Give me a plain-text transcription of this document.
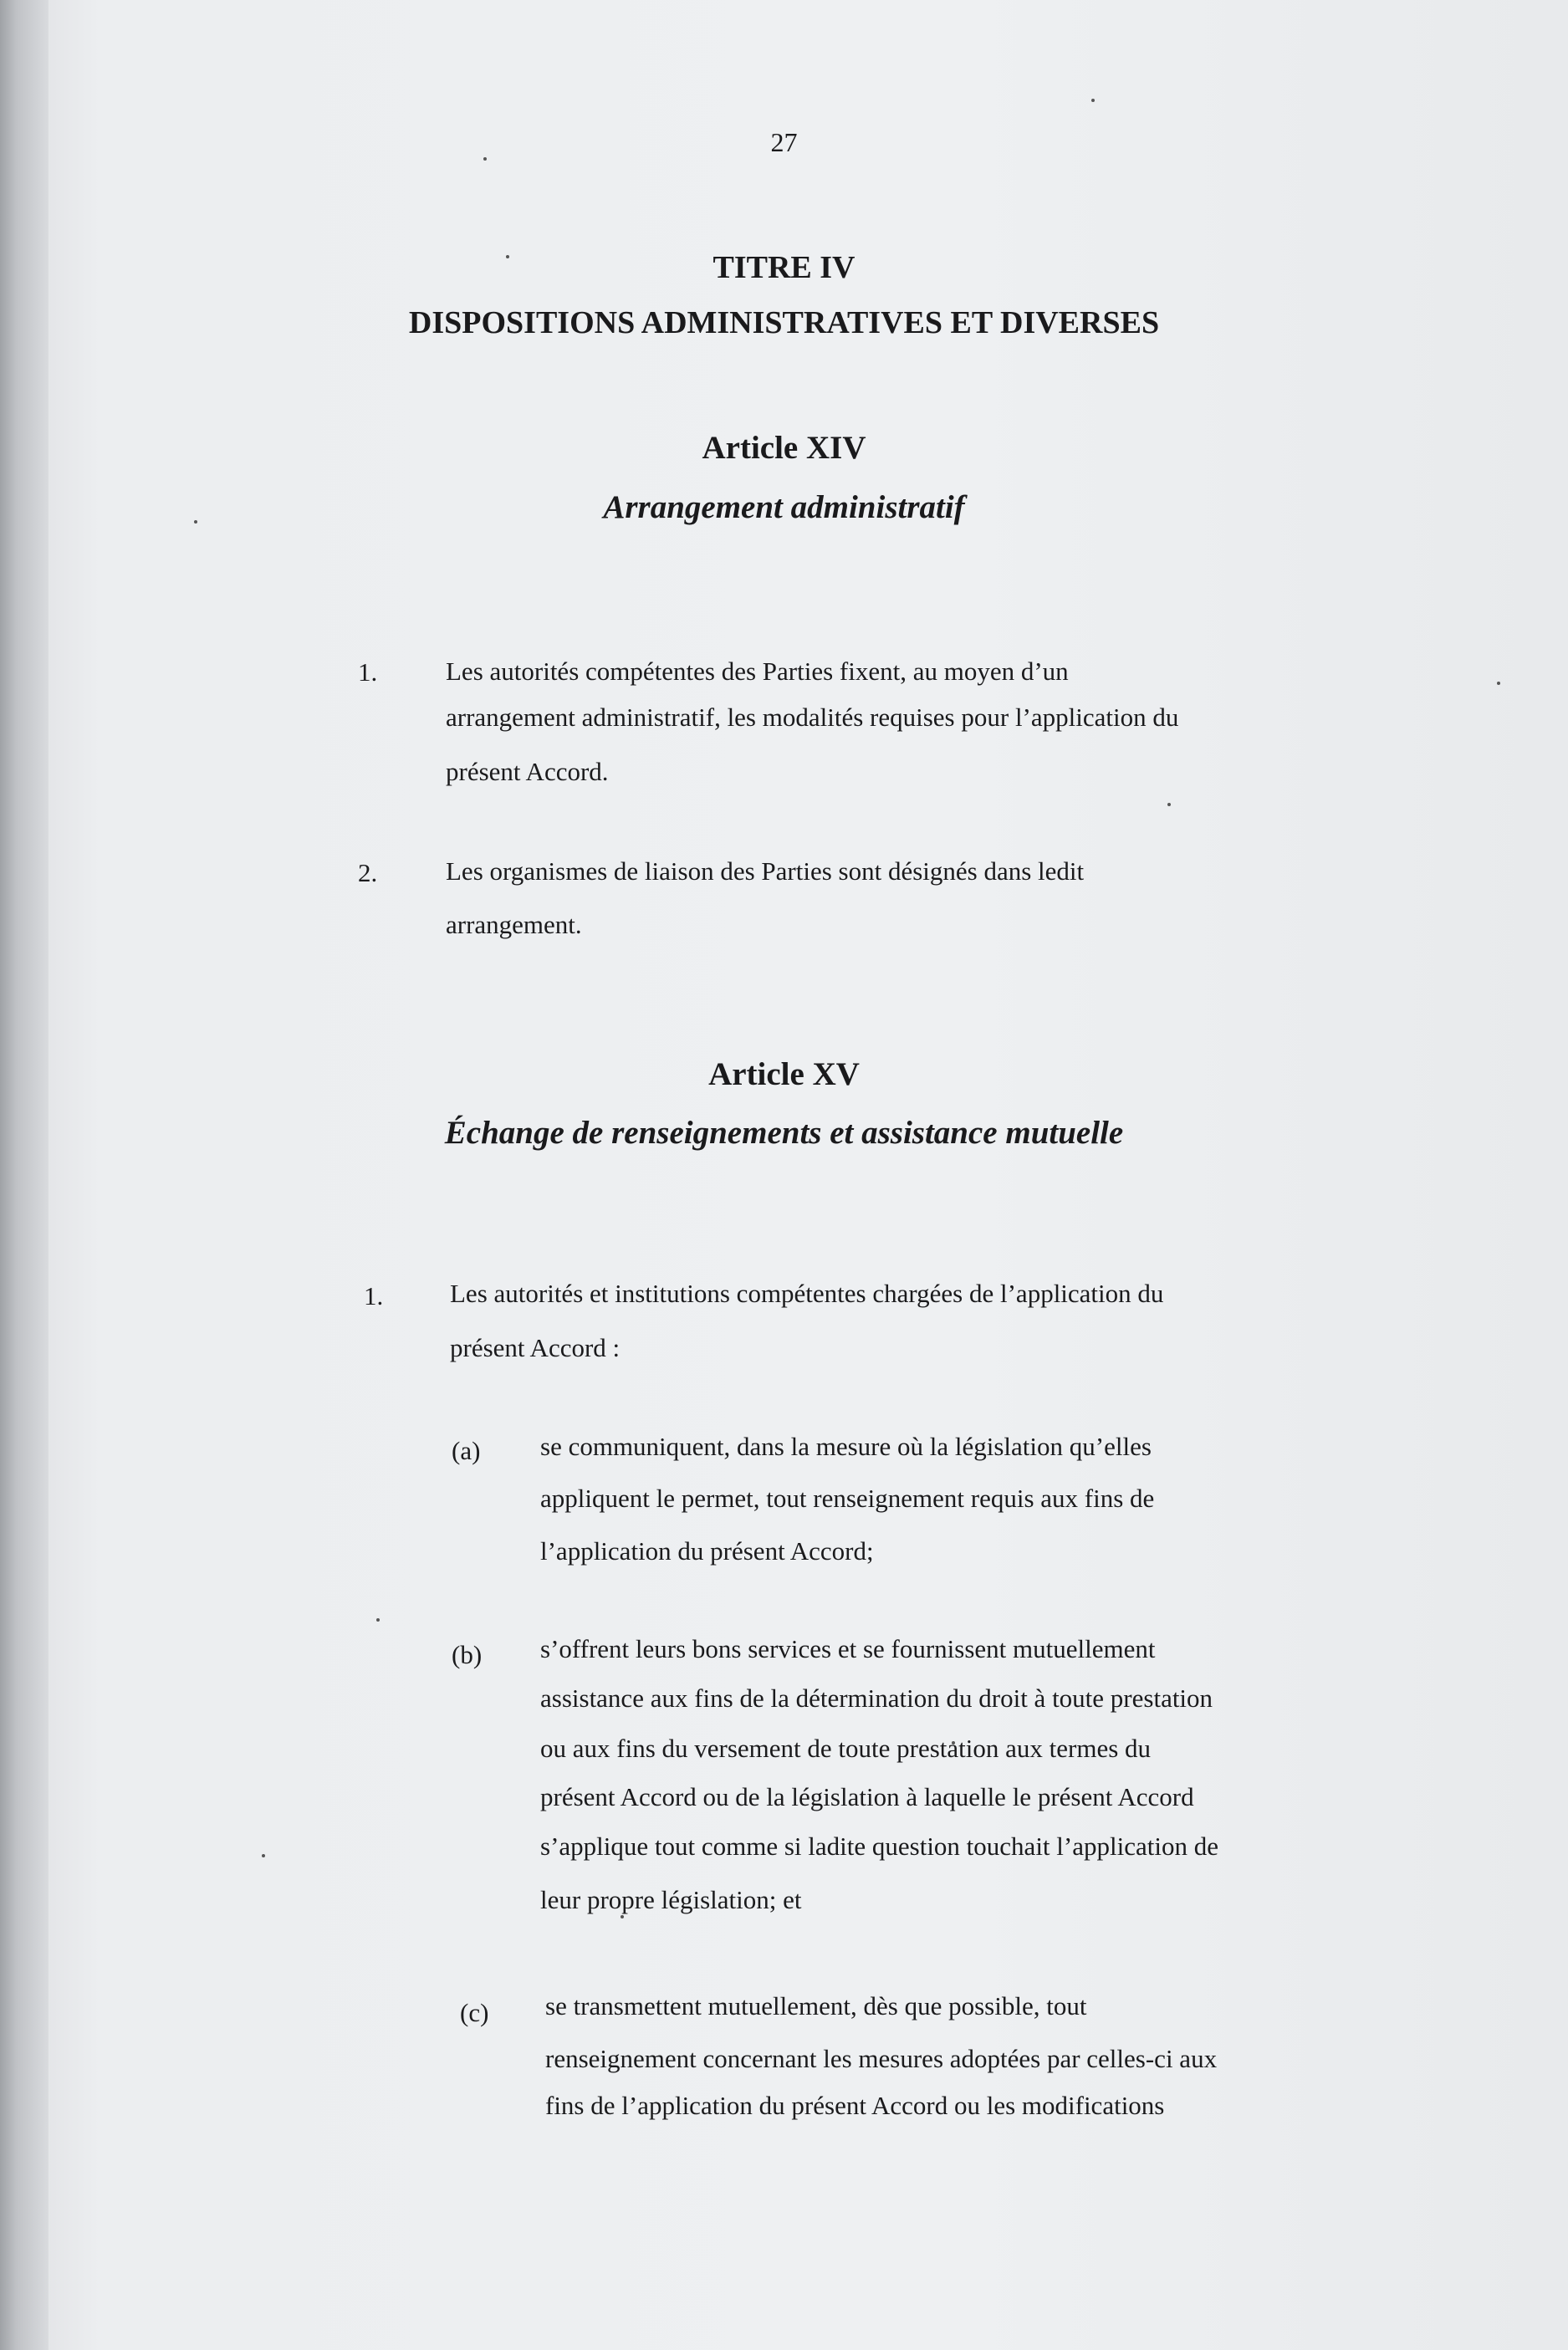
27
TITRE IV
DISPOSITIONS ADMINISTRATIVES ET DIVERSES
Article XIV
Arrangement administratif
1.	Les autorités compétentes des Parties fixent, au moyen d’un
arrangement administratif, les modalités requises pour l’application du
présent Accord.
2.	Les organismes de liaison des Parties sont désignés dans ledit
arrangement.
Article XV
Échange de renseignements et assistance mutuelle
1.	Les autorités et institutions compétentes chargées de l’application du
présent Accord :
(a) se communiquent, dans la mesure où la législation qu’elles
appliquent le permet, tout renseignement requis aux fins de
l’application du présent Accord;
(b) s’offrent leurs bons services et se fournissent mutuellement
assistance aux fins de la détermination du droit à toute prestation
ou aux fins du versement de toute prestation aux termes du
présent Accord ou de la législation à laquelle le présent Accord
s’applique tout comme si ladite question touchait l’application de
leur propre législation; et
(c) se transmettent mutuellement, dès que possible, tout
renseignement concernant les mesures adoptées par celles-ci aux
fins de l’application du présent Accord ou les modifications
